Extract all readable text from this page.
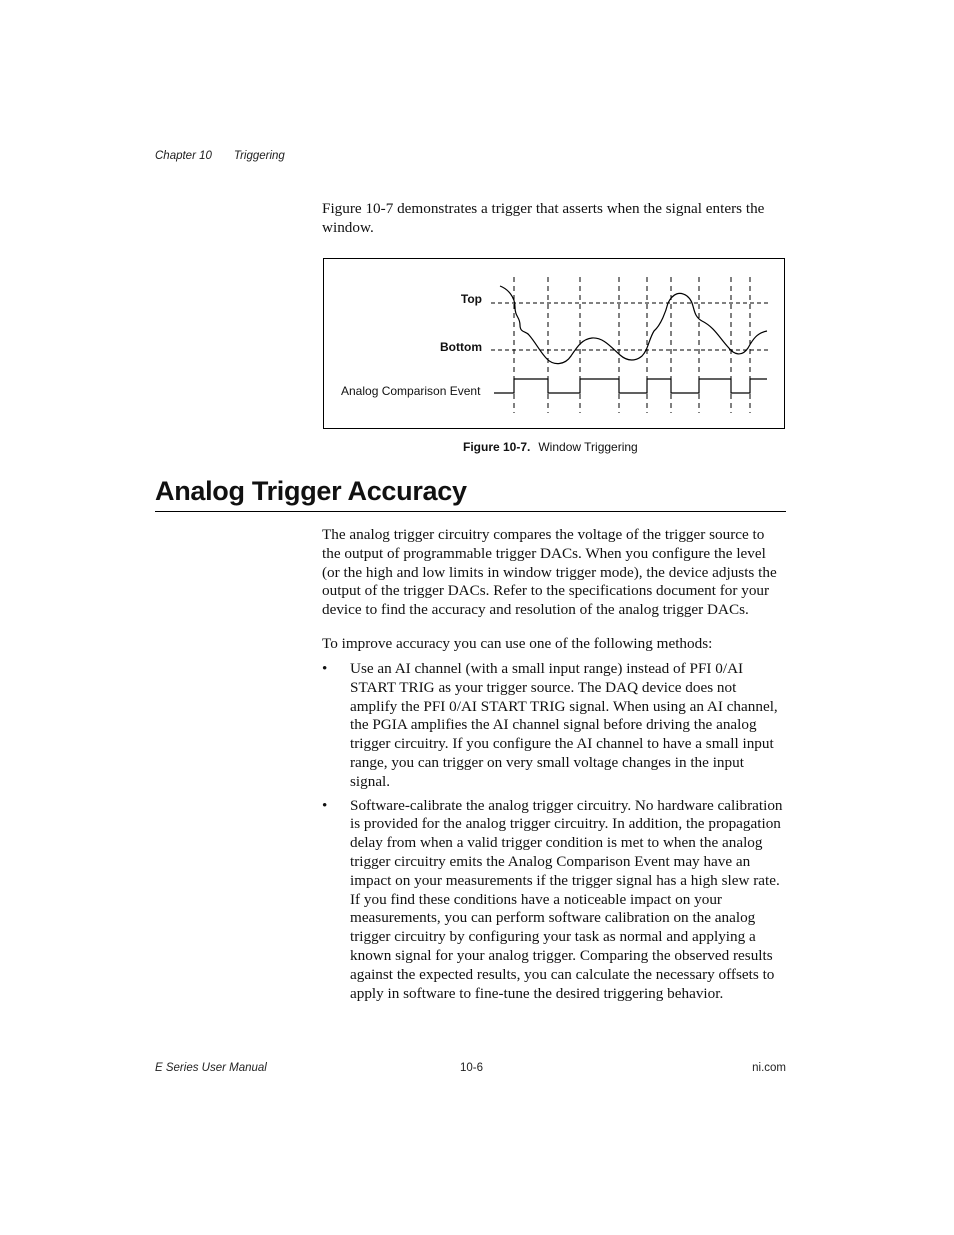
Chapter 10 Triggering

Figure 10-7 demonstrates a trigger that asserts when the signal enters the window.

Top
Bottom
Analog Comparison Event
Figure 10-7. Window Triggering
Analog Trigger Accuracy

The analog trigger circuitry compares the voltage of the trigger source to the output of programmable trigger DACs. When you configure the level (or the high and low limits in window trigger mode), the device adjusts the output of the trigger DACs. Refer to the specifications document for your device to find the accuracy and resolution of the analog trigger DACs.

To improve accuracy you can use one of the following methods:

• Use an AI channel (with a small input range) instead of PFI 0/AI START TRIG as your trigger source. The DAQ device does not amplify the PFI 0/AI START TRIG signal. When using an AI channel, the PGIA amplifies the AI channel signal before driving the analog trigger circuitry. If you configure the AI channel to have a small input range, you can trigger on very small voltage changes in the input signal.
• Software-calibrate the analog trigger circuitry. No hardware calibration is provided for the analog trigger circuitry. In addition, the propagation delay from when a valid trigger condition is met to when the analog trigger circuitry emits the Analog Comparison Event may have an impact on your measurements if the trigger signal has a high slew rate. If you find these conditions have a noticeable impact on your measurements, you can perform software calibration on the analog trigger circuitry by configuring your task as normal and applying a known signal for your analog trigger. Comparing the observed results against the expected results, you can calculate the necessary offsets to apply in software to fine-tune the desired triggering behavior.
E Series User Manual	10-6	ni.com
